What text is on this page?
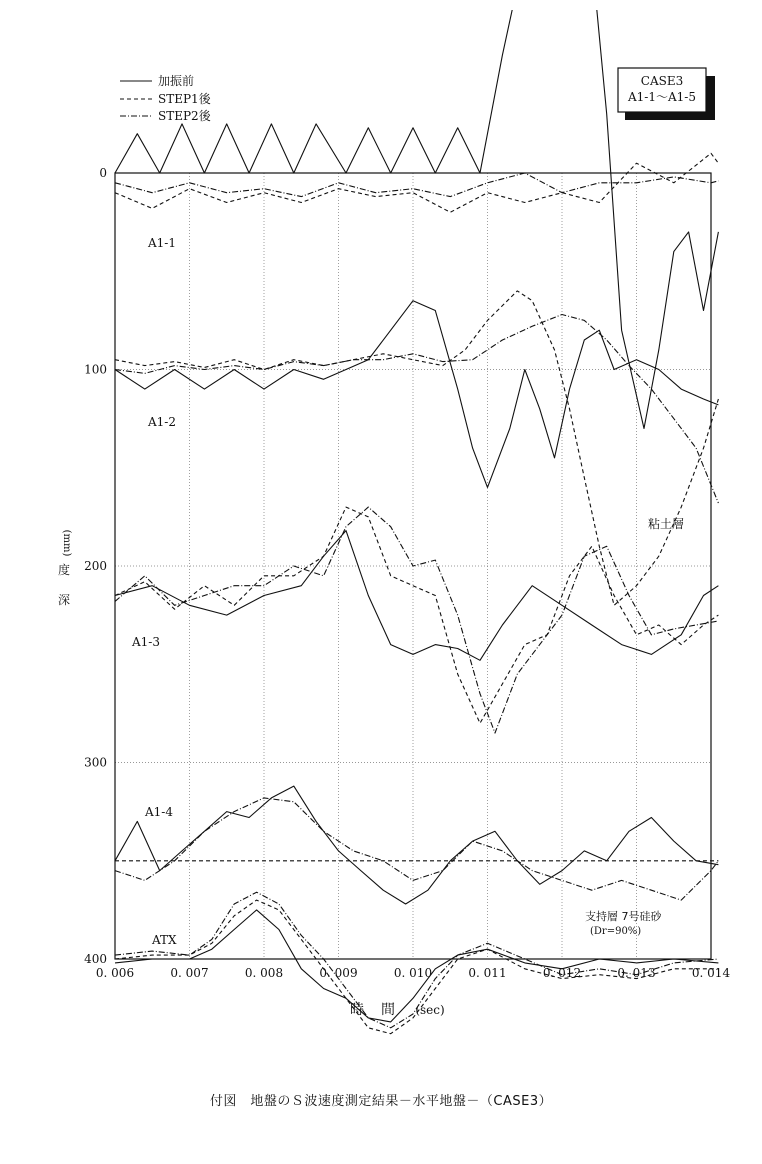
0. 006	0. 007	0. 008	0. 009	0. 010	0. 011	0. 012	0. 013	0. 014
0
100
200
300
400
A1-1
A1-2
A1-3
A1-4
ATX
加振前
STEP1後
STEP2後
CASE3
A1-1～A1-5
粘土層
支持層 7号硅砂
(Dr=90%)
深
度
(mm)
時 間 (sec)
付図　地盤のＳ波速度測定結果－水平地盤－（CASE3）
